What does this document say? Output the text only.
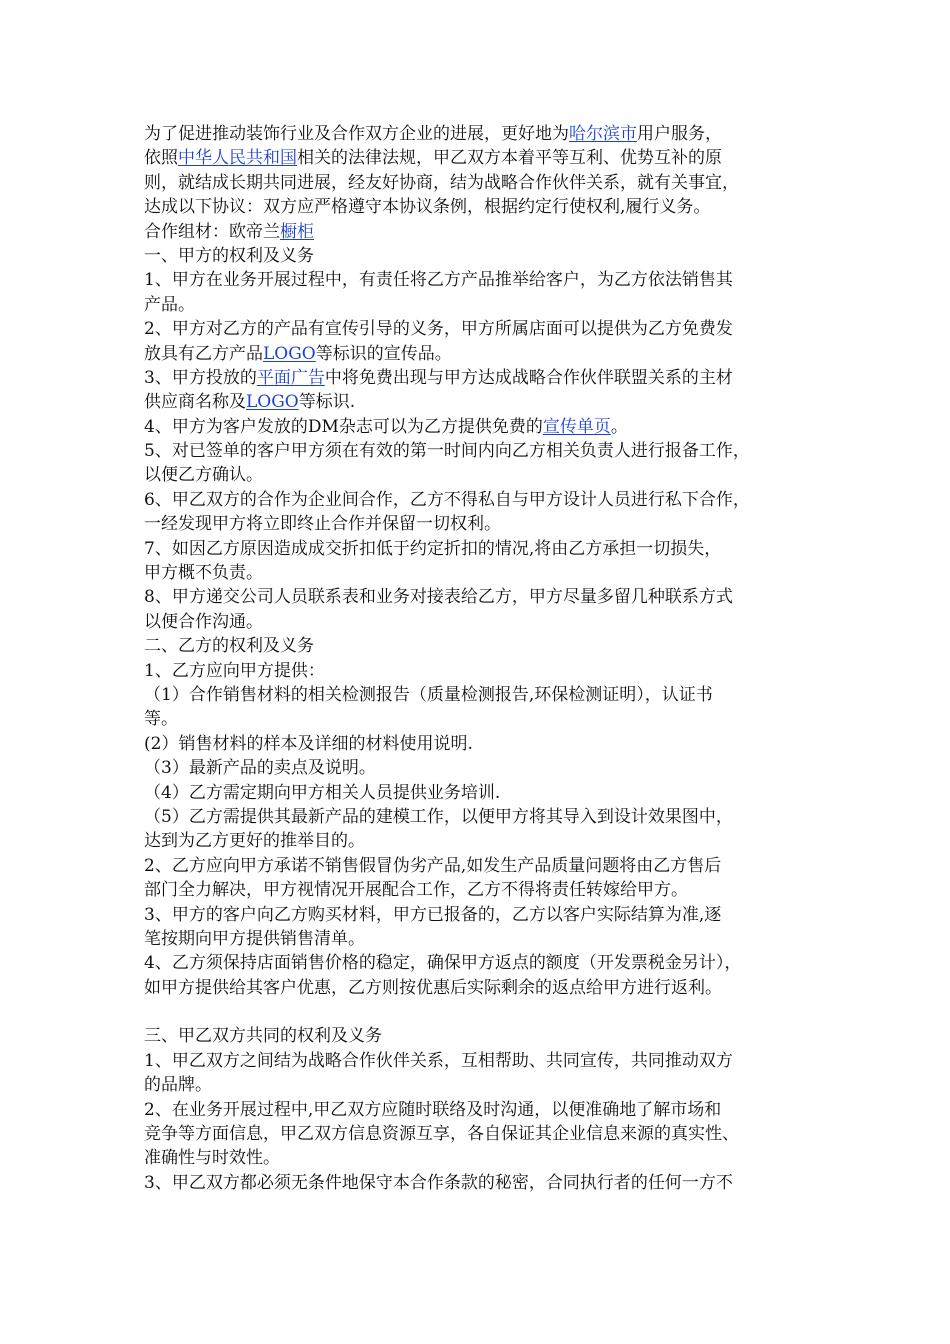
为了促进推动装饰行业及合作双方企业的进展，更好地为哈尔滨市用户服务，
依照中华人民共和国相关的法律法规，甲乙双方本着平等互利、优势互补的原
则，就结成长期共同进展，经友好协商，结为战略合作伙伴关系，就有关事宜，
达成以下协议：双方应严格遵守本协议条例，根据约定行使权利,履行义务。
合作组材：欧帝兰橱柜
一、甲方的权利及义务
1、甲方在业务开展过程中，有责任将乙方产品推举给客户，为乙方依法销售其
产品。
2、甲方对乙方的产品有宣传引导的义务，甲方所属店面可以提供为乙方免费发
放具有乙方产品LOGO等标识的宣传品。
3、甲方投放的平面广告中将免费出现与甲方达成战略合作伙伴联盟关系的主材
供应商名称及LOGO等标识.
4、甲方为客户发放的DM杂志可以为乙方提供免费的宣传单页。
5、对已签单的客户甲方须在有效的第一时间内向乙方相关负责人进行报备工作，
以便乙方确认。
6、甲乙双方的合作为企业间合作，乙方不得私自与甲方设计人员进行私下合作，
一经发现甲方将立即终止合作并保留一切权利。
7、如因乙方原因造成成交折扣低于约定折扣的情况,将由乙方承担一切损失，
甲方概不负责。
8、甲方递交公司人员联系表和业务对接表给乙方，甲方尽量多留几种联系方式
以便合作沟通。
二、乙方的权利及义务
1、乙方应向甲方提供：
（1）合作销售材料的相关检测报告（质量检测报告,环保检测证明），认证书
等。
(2）销售材料的样本及详细的材料使用说明.
（3）最新产品的卖点及说明。
（4）乙方需定期向甲方相关人员提供业务培训.
（5）乙方需提供其最新产品的建模工作，以便甲方将其导入到设计效果图中，
达到为乙方更好的推举目的。
2、乙方应向甲方承诺不销售假冒伪劣产品,如发生产品质量问题将由乙方售后
部门全力解决，甲方视情况开展配合工作，乙方不得将责任转嫁给甲方。
3、甲方的客户向乙方购买材料，甲方已报备的，乙方以客户实际结算为准,逐
笔按期向甲方提供销售清单。
4、乙方须保持店面销售价格的稳定，确保甲方返点的额度（开发票税金另计），
如甲方提供给其客户优惠，乙方则按优惠后实际剩余的返点给甲方进行返利。
三、甲乙双方共同的权利及义务
1、甲乙双方之间结为战略合作伙伴关系，互相帮助、共同宣传，共同推动双方
的品牌。
2、在业务开展过程中,甲乙双方应随时联络及时沟通，以便准确地了解市场和
竞争等方面信息，甲乙双方信息资源互享，各自保证其企业信息来源的真实性、
准确性与时效性。
3、甲乙双方都必须无条件地保守本合作条款的秘密，合同执行者的任何一方不
